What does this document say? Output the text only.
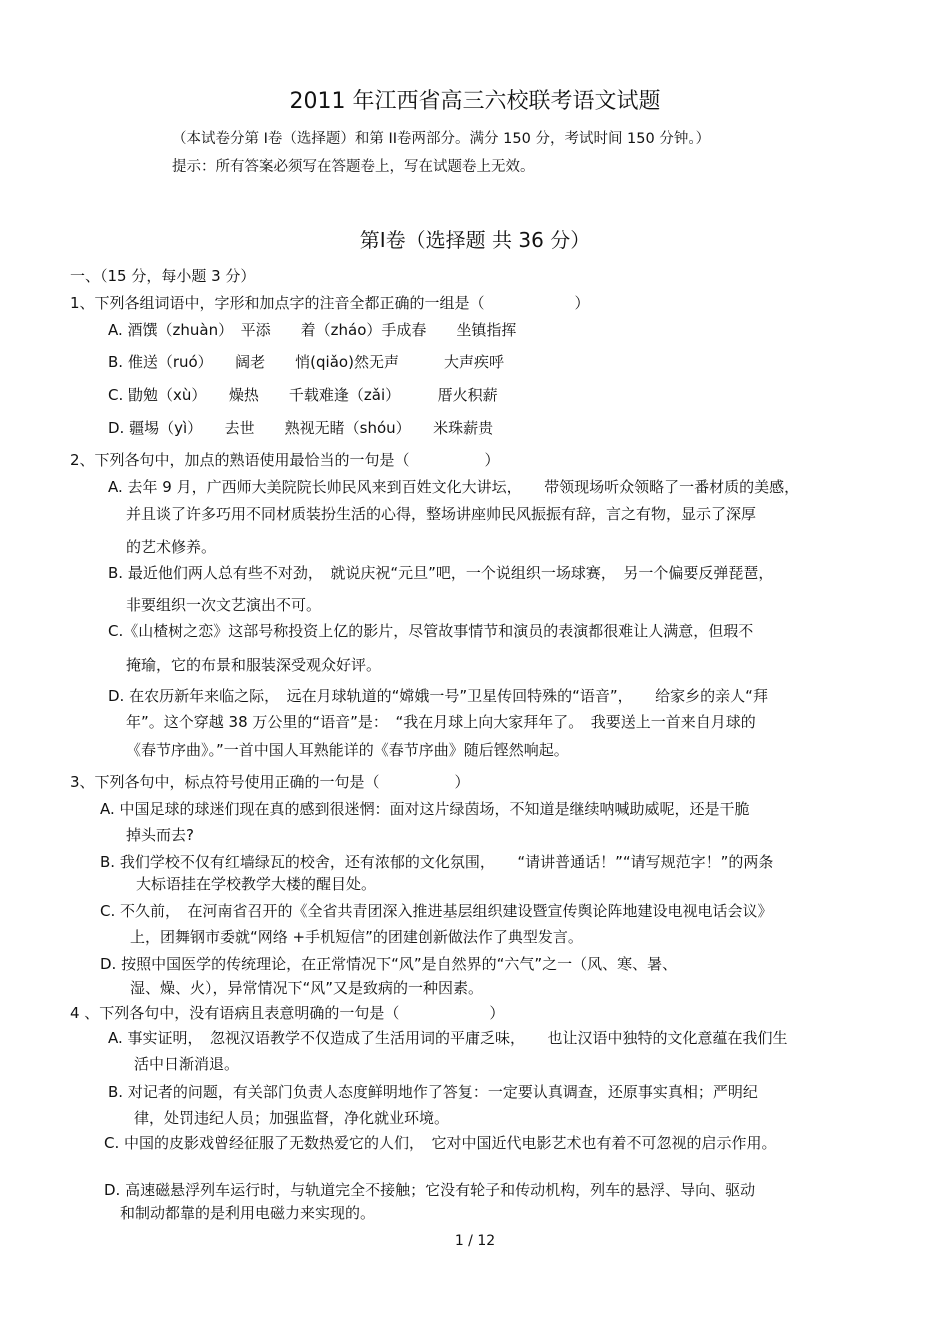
2011 年江西省高三六校联考语文试题
（本试卷分第 I卷（选择题）和第 II卷两部分。满分 150 分，考试时间 150 分钟。）
提示：所有答案必须写在答题卷上，写在试题卷上无效。
第Ⅰ卷（选择题 共 36 分）
一、（15 分，每小题 3 分）
1、下列各组词语中，字形和加点字的注音全都正确的一组是（　　　　　　）
A. 酒馔（zhuàn）　平添　　着（zháo）手成春　　坐镇指挥
B. 倠送（ruó）　　阔老　　悄(qiǎo)然无声　　　大声疾呼
C. 勖勉（xù）　　燥热　　千载难逢（zǎi）　　　厝火积薪
D. 疆埸（yì）　　去世　　熟视无睹（shóu）　　米珠薪贵
2、下列各句中，加点的熟语使用最恰当的一句是（　　　　　）
A. 去年 9 月，广西师大美院院长帅民风来到百姓文化大讲坛，　　带领现场听众领略了一番材质的美感，
并且谈了许多巧用不同材质装扮生活的心得，整场讲座帅民风振振有辞，言之有物，显示了深厚
的艺术修养。
B. 最近他们两人总有些不对劲，　就说庆祝“元旦”吧，一个说组织一场球赛，　另一个偏要反弹琵琶，
非要组织一次文艺演出不可。
C.《山楂树之恋》这部号称投资上亿的影片，尽管故事情节和演员的表演都很难让人满意，但瑕不
掩瑜，它的布景和服装深受观众好评。
D. 在农历新年来临之际，　远在月球轨道的“嫦娥一号”卫星传回特殊的“语音”，　　给家乡的亲人“拜
年”。这个穿越 38 万公里的“语音”是：　“我在月球上向大家拜年了。　我要送上一首来自月球的
《春节序曲》。”一首中国人耳熟能详的《春节序曲》随后铿然响起。
3、下列各句中，标点符号使用正确的一句是（　　　　　）
A. 中国足球的球迷们现在真的感到很迷惘：面对这片绿茵场，不知道是继续呐喊助威呢，还是干脆
掉头而去?
B. 我们学校不仅有红墙绿瓦的校舍，还有浓郁的文化氛围，　　“请讲普通话！”“请写规范字！”的两条
大标语挂在学校教学大楼的醒目处。
C. 不久前，　在河南省召开的《全省共青团深入推进基层组织建设暨宣传舆论阵地建设电视电话会议》
上，团舞钢市委就“网络 +手机短信”的团建创新做法作了典型发言。
D. 按照中国医学的传统理论，在正常情况下“风”是自然界的“六气”之一（风、寒、暑、
湿、燥、火），异常情况下“风”又是致病的一种因素。
4 、下列各句中，没有语病且表意明确的一句是（　　　　　　）
A. 事实证明，　忽视汉语教学不仅造成了生活用词的平庸乏味，　　也让汉语中独特的文化意蕴在我们生
活中日渐消退。
B. 对记者的问题，有关部门负责人态度鲜明地作了答复：一定要认真调查，还原事实真相；严明纪
律，处罚违纪人员；加强监督，净化就业环境。
C. 中国的皮影戏曾经征服了无数热爱它的人们，　它对中国近代电影艺术也有着不可忽视的启示作用。
D. 高速磁悬浮列车运行时，与轨道完全不接触；它没有轮子和传动机构，列车的悬浮、导向、驱动
和制动都靠的是利用电磁力来实现的。
1 / 12
